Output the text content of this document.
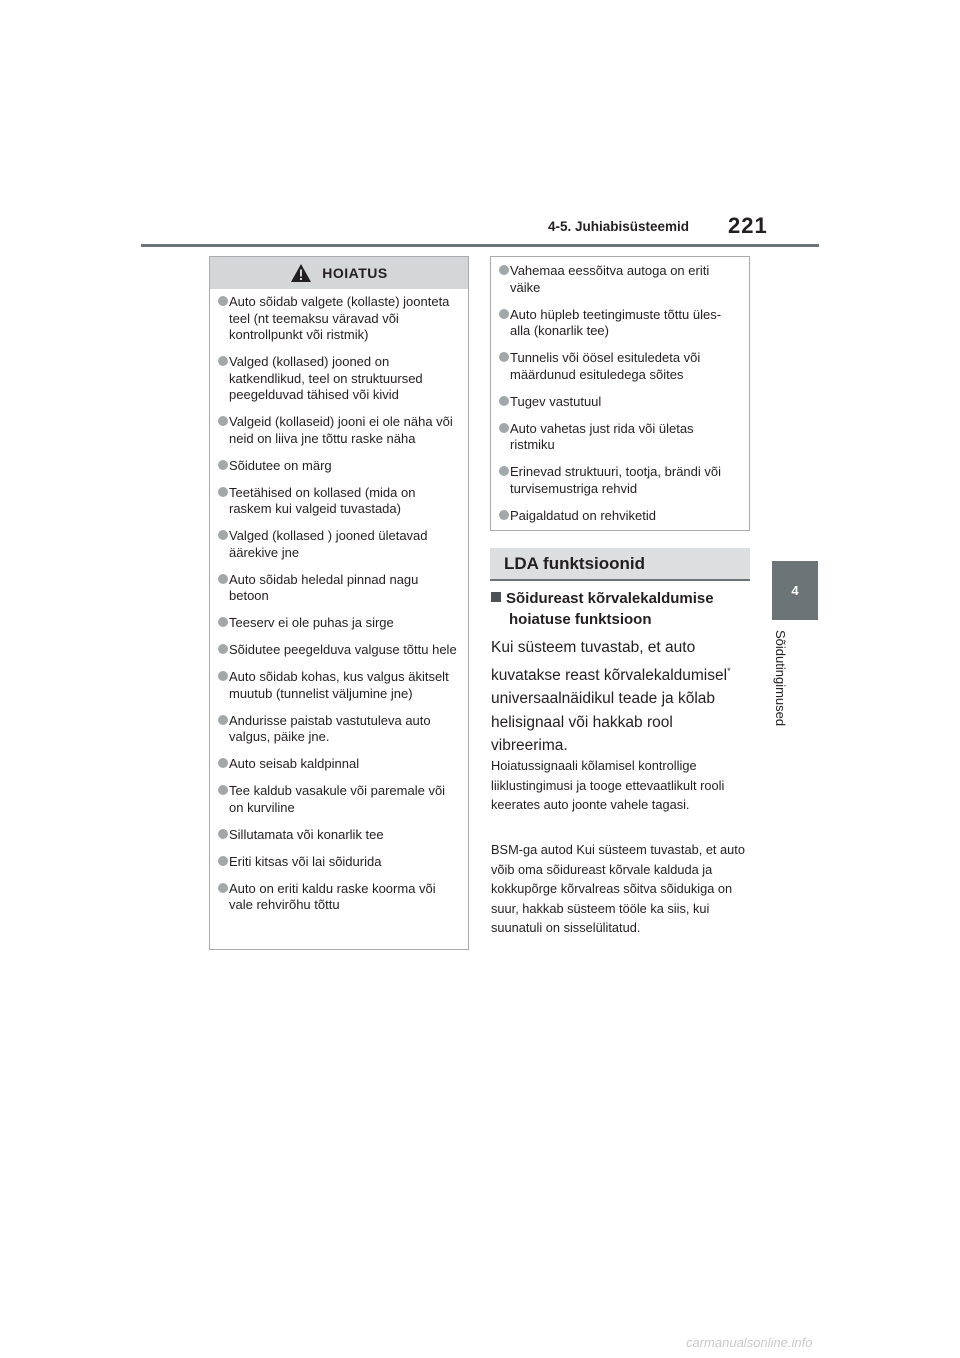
4-5. Juhiabisüsteemid 221
4
Sõidutingimused
HOIATUS
Auto sõidab valgete (kollaste) joonteta teel (nt teemaksu väravad või kontrollpunkt või ristmik)
Valged (kollased) jooned on katkendlikud, teel on struktuursed peegelduvad tähised või kivid
Valgeid (kollaseid) jooni ei ole näha või neid on liiva jne tõttu raske näha
Sõidutee on märg
Teetähised on kollased (mida on raskem kui valgeid tuvastada)
Valged (kollased ) jooned ületavad äärekive jne
Auto sõidab heledal pinnad nagu betoon
Teeserv ei ole puhas ja sirge
Sõidutee peegelduva valguse tõttu hele
Auto sõidab kohas, kus valgus äkitselt muutub (tunnelist väljumine jne)
Andurisse paistab vastutuleva auto valgus, päike jne.
Auto seisab kaldpinnal
Tee kaldub vasakule või paremale või on kurviline
Sillutamata või konarlik tee
Eriti kitsas või lai sõidurida
Auto on eriti kaldu raske koorma või vale rehvirõhu tõttu
Vahemaa eessõitva autoga on eriti väike
Auto hüpleb teetingimuste tõttu üles-alla (konarlik tee)
Tunnelis või öösel esituledeta või määrdunud esituledega sõites
Tugev vastutuul
Auto vahetas just rida või ületas ristmiku
Erinevad struktuuri, tootja, brändi või turvisemustriga rehvid
Paigaldatud on rehviketid
LDA funktsioonid
Sõidureast kõrvalekaldumise
hoiatuse funktsioon
Kui süsteem tuvastab, et auto kuvatakse reast kõrvalekaldumisel* universaalnäidikul teade ja kõlab helisignaal või hakkab rool vibreerima.
Hoiatussignaali kõlamisel kontrollige liiklustingimusi ja tooge ettevaatlikult rooli keerates auto joonte vahele tagasi.
BSM-ga autod Kui süsteem tuvastab, et auto võib oma sõidureast kõrvale kalduda ja kokkupõrge kõrvalreas sõitva sõidukiga on suur, hakkab süsteem tööle ka siis, kui suunatuli on sisselülitatud.
carmanualsonline.info
